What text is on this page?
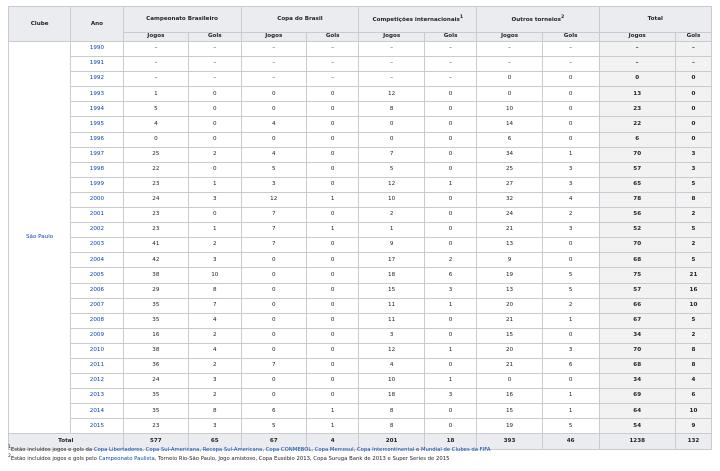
Clube	Ano	Campeonato Brasileiro		Copa do Brasil		Competições internacionais$^1$		Outros torneios$^2$		Total	
		Jogos	Gols	Jogos	Gols	Jogos	Gols	Jogos	Gols	Jogos	Gols
São Paulo	1990	–	–	–	–	–	–	–	–	–	–
	1991	–	–	–	–	–	–	–	–	–	–
	1992	–	–	–	–	–	–	0	0	0	0
	1993	1	0	0	0	12	0	0	0	13	0
	1994	5	0	0	0	8	0	10	0	23	0
	1995	4	0	4	0	0	0	14	0	22	0
	1996	0	0	0	0	0	0	6	0	6	0
	1997	25	2	4	0	7	0	34	1	70	3
	1998	22	0	5	0	5	0	25	3	57	3
	1999	23	1	3	0	12	1	27	3	65	5
	2000	24	3	12	1	10	0	32	4	78	8
	2001	23	0	7	0	2	0	24	2	56	2
	2002	23	1	7	1	1	0	21	3	52	5
	2003	41	2	7	0	9	0	13	0	70	2
	2004	42	3	0	0	17	2	9	0	68	5
	2005	38	10	0	0	18	6	19	5	75	21
	2006	29	8	0	0	15	3	13	5	57	16
	2007	35	7	0	0	11	1	20	2	66	10
	2008	35	4	0	0	11	0	21	1	67	5
	2009	16	2	0	0	3	0	15	0	34	2
	2010	38	4	0	0	12	1	20	3	70	8
	2011	36	2	7	0	4	0	21	6	68	8
	2012	24	3	0	0	10	1	0	0	34	4
	2013	35	2	0	0	18	3	16	1	69	6
	2014	35	8	6	1	8	0	15	1	64	10
	2015	23	3	5	1	8	0	19	5	54	9
Total		577	65	67	4	201	18	393	46	1238	132
$^1$Estão incluídos jogos e gols da Copa Libertadores, Copa Sul-Americana, Recopa Sul-Americana, Copa CONMEBOL, Copa Mercosul, Copa Intercontinental e Mundial de Clubes da FIFA
$^2$Estão incluídos jogos e gols pelo Campeonato Paulista, Torneio Rio-São Paulo, Jogo amistoso, Copa Eusébio 2013, Copa Suruga Bank de 2013 e Super Series de 2015
